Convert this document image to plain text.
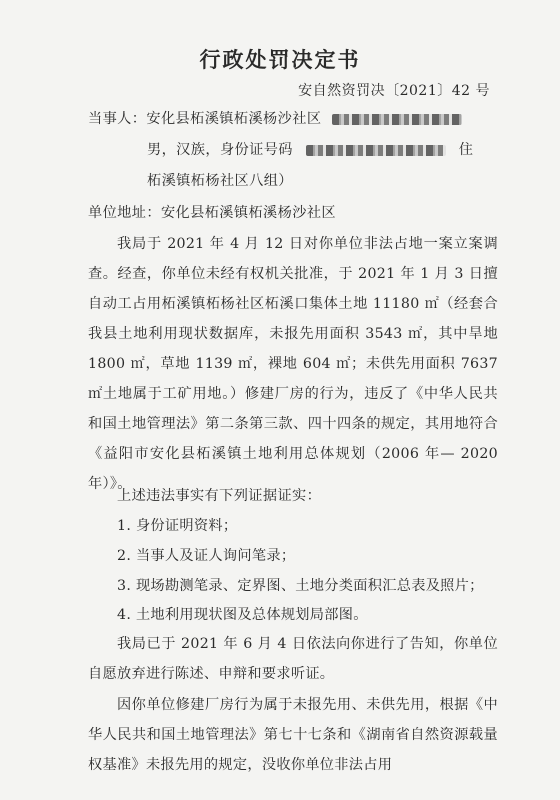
行政处罚决定书
安自然资罚决〔2021〕42 号
当事人：安化县柘溪镇柘溪杨沙社区
男，汉族，身份证号码	住
柘溪镇柘杨社区八组）
单位地址：安化县柘溪镇柘溪杨沙社区
我局于 2021 年 4 月 12 日对你单位非法占地一案立案调查。经查，你单位未经有权机关批准，于 2021 年 1 月 3 日擅自动工占用柘溪镇柘杨社区柘溪口集体土地 11180 ㎡（经套合我县土地利用现状数据库，未报先用面积 3543 ㎡，其中旱地 1800 ㎡，草地 1139 ㎡，裸地 604 ㎡；未供先用面积 7637 ㎡土地属于工矿用地。）修建厂房的行为，违反了《中华人民共和国土地管理法》第二条第三款、四十四条的规定，其用地符合《益阳市安化县柘溪镇土地利用总体规划（2006 年— 2020 年）》。
上述违法事实有下列证据证实：
1. 身份证明资料；
2. 当事人及证人询问笔录；
3. 现场勘测笔录、定界图、土地分类面积汇总表及照片；
4. 土地利用现状图及总体规划局部图。
我局已于 2021 年 6 月 4 日依法向你进行了告知，你单位自愿放弃进行陈述、申辩和要求听证。
因你单位修建厂房行为属于未报先用、未供先用，根据《中华人民共和国土地管理法》第七十七条和《湖南省自然资源载量权基准》未报先用的规定，没收你单位非法占用
